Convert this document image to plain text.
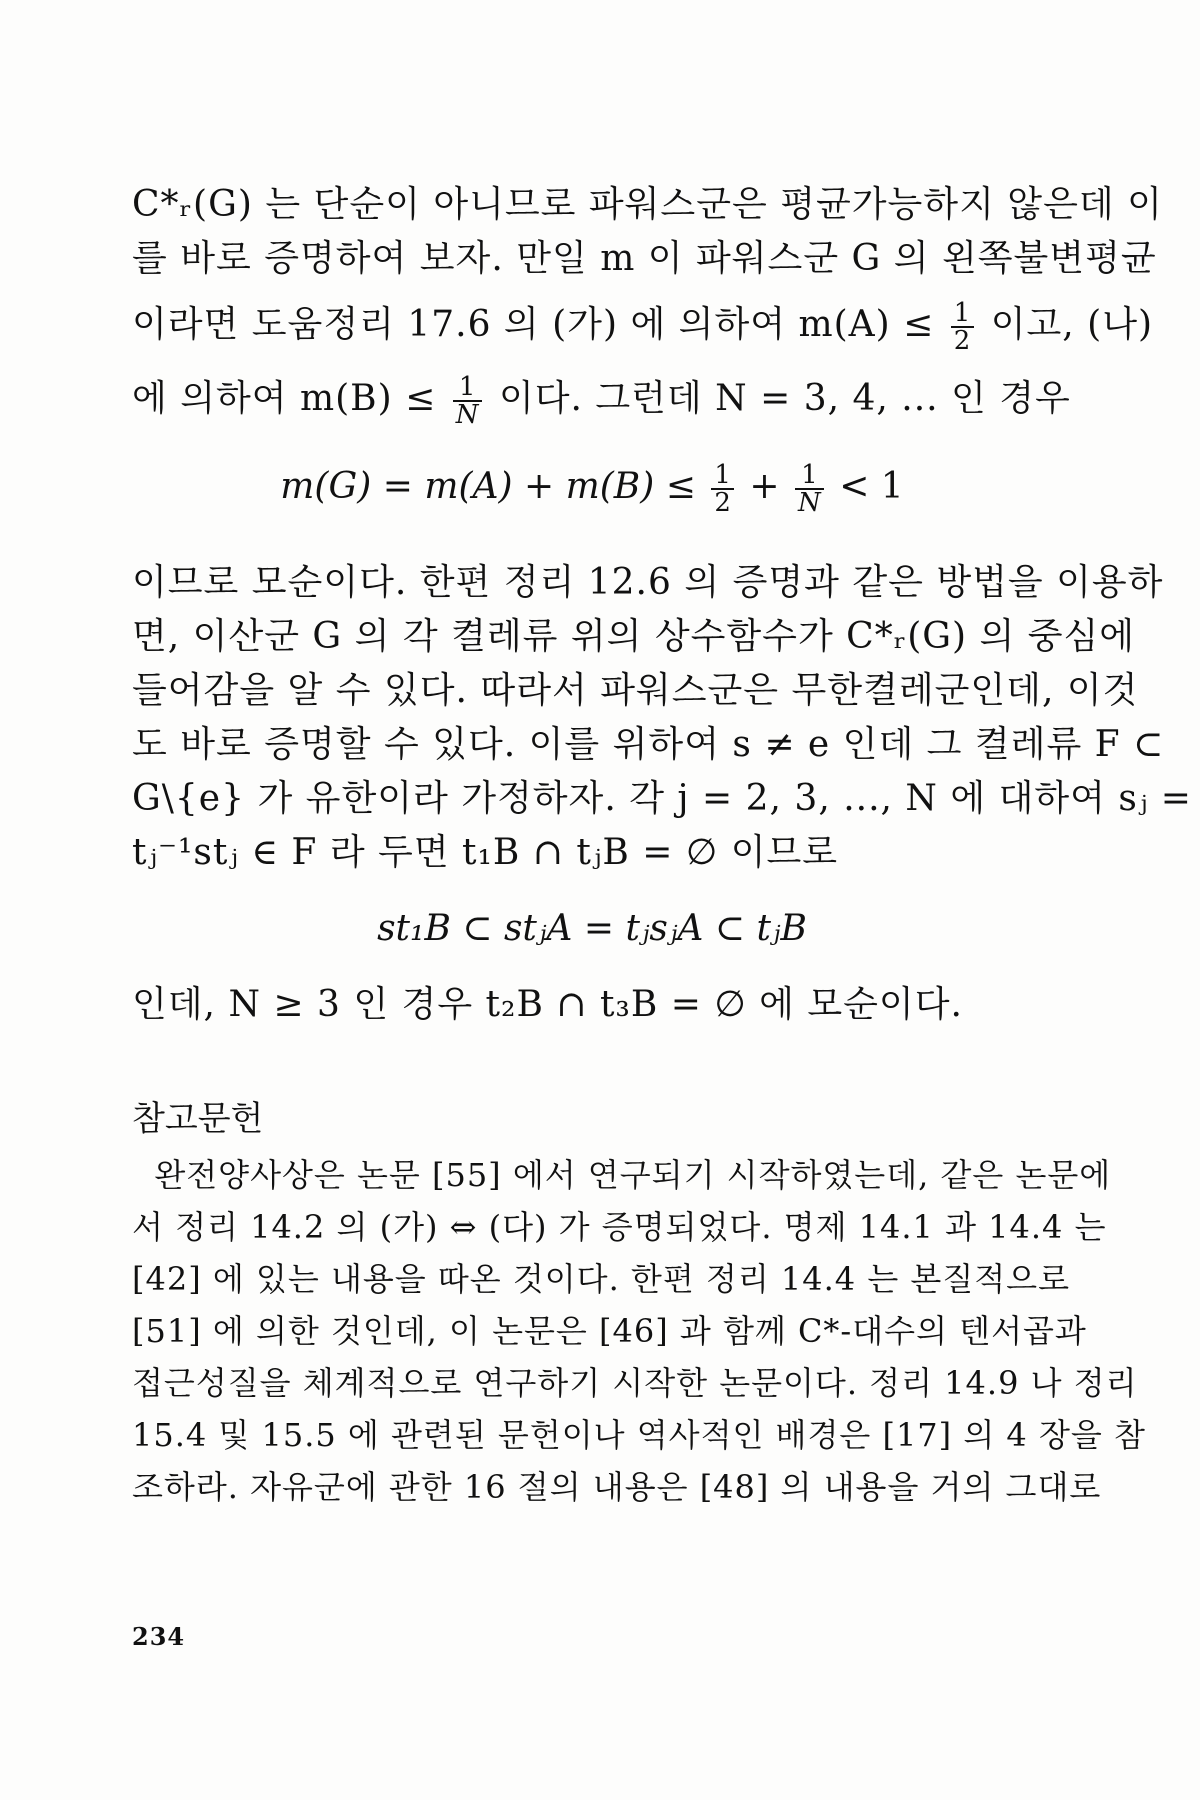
C*ᵣ(G) 는 단순이 아니므로 파워스군은 평균가능하지 않은데 이
를 바로 증명하여 보자. 만일 m 이 파워스군 G 의 왼쪽불변평균
이라면 도움정리 17.6 의 (가) 에 의하여 $m(A) \le \frac{1}{2}$ 이고, (나)
에 의하여 $m(B) \le \frac{1}{N}$ 이다. 그런데 N = 3, 4, ... 인 경우
$m(G) = m(A) + m(B) \le \frac{1}{2} + \frac{1}{N} < 1$
이므로 모순이다. 한편 정리 12.6 의 증명과 같은 방법을 이용하
면, 이산군 G 의 각 켤레류 위의 상수함수가 C*ᵣ(G) 의 중심에
들어감을 알 수 있다. 따라서 파워스군은 무한켤레군인데, 이것
도 바로 증명할 수 있다. 이를 위하여 s ≠ e 인데 그 켤레류 F ⊂
G\{e} 가 유한이라 가정하자. 각 j = 2, 3, ..., N 에 대하여 sⱼ =
tⱼ⁻¹stⱼ ∈ F 라 두면 t₁B ∩ tⱼB = ∅ 이므로
st₁B ⊂ stⱼA = tⱼsⱼA ⊂ tⱼB
인데, N ≥ 3 인 경우 t₂B ∩ t₃B = ∅ 에 모순이다.
참고문헌
완전양사상은 논문 [55] 에서 연구되기 시작하였는데, 같은 논문에
서 정리 14.2 의 (가) ⇔ (다) 가 증명되었다. 명제 14.1 과 14.4 는
[42] 에 있는 내용을 따온 것이다. 한편 정리 14.4 는 본질적으로
[51] 에 의한 것인데, 이 논문은 [46] 과 함께 C*-대수의 텐서곱과
접근성질을 체계적으로 연구하기 시작한 논문이다. 정리 14.9 나 정리
15.4 및 15.5 에 관련된 문헌이나 역사적인 배경은 [17] 의 4 장을 참
조하라. 자유군에 관한 16 절의 내용은 [48] 의 내용을 거의 그대로
234
